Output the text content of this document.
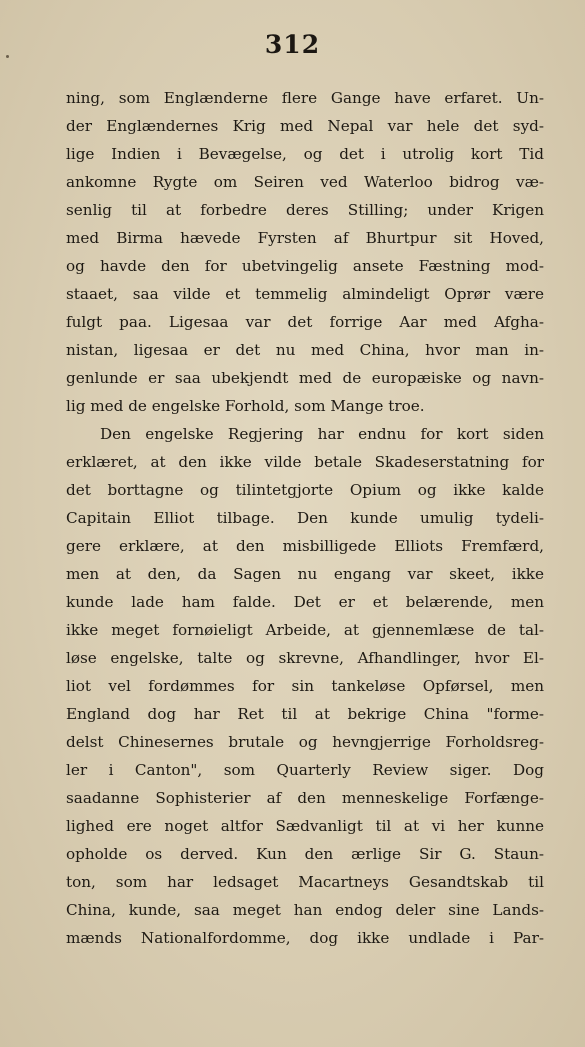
312
ning, som Englænderne flere Gange have erfaret. Un-
der Englændernes Krig med Nepal var hele det syd-
lige Indien i Bevægelse, og det i utrolig kort Tid
ankomne Rygte om Seiren ved Waterloo bidrog væ-
senlig til at forbedre deres Stilling; under Krigen
med Birma hævede Fyrsten af Bhurtpur sit Hoved,
og havde den for ubetvingelig ansete Fæstning mod-
staaet, saa vilde et temmelig almindeligt Oprør være
fulgt paa. Ligesaa var det forrige Aar med Afgha-
nistan, ligesaa er det nu med China, hvor man in-
genlunde er saa ubekjendt med de europæiske og navn-
lig med de engelske Forhold, som Mange troe.
Den engelske Regjering har endnu for kort siden
erklæret, at den ikke vilde betale Skadeserstatning for
det borttagne og tilintetgjorte Opium og ikke kalde
Capitain Elliot tilbage. Den kunde umulig tydeli-
gere erklære, at den misbilligede Elliots Fremfærd,
men at den, da Sagen nu engang var skeet, ikke
kunde lade ham falde. Det er et belærende, men
ikke meget fornøieligt Arbeide, at gjennemlæse de tal-
løse engelske, talte og skrevne, Afhandlinger, hvor El-
liot vel fordømmes for sin tankeløse Opførsel, men
England dog har Ret til at bekrige China "forme-
delst Chinesernes brutale og hevngjerrige Forholdsreg-
ler i Canton", som Quarterly Review siger. Dog
saadanne Sophisterier af den menneskelige Forfænge-
lighed ere noget altfor Sædvanligt til at vi her kunne
opholde os derved. Kun den ærlige Sir G. Staun-
ton, som har ledsaget Macartneys Gesandtskab til
China, kunde, saa meget han endog deler sine Lands-
mænds Nationalfordomme, dog ikke undlade i Par-
